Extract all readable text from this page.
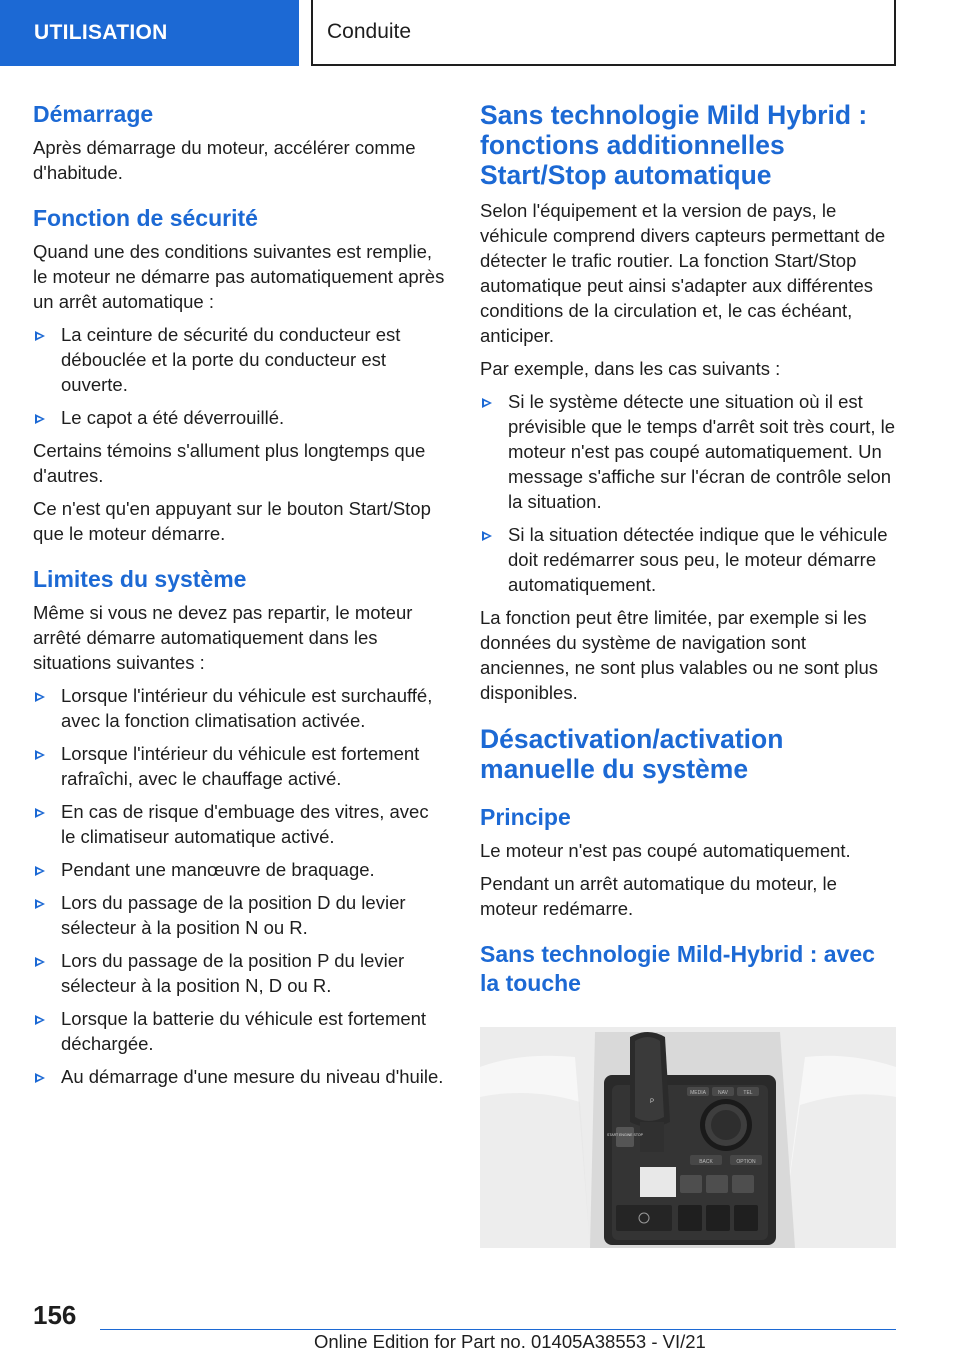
UTILISATION	Conduite
Démarrage

Après démarrage du moteur, accélérer comme d'habitude.

Fonction de sécurité

Quand une des conditions suivantes est remplie, le moteur ne démarre pas automatiquement après un arrêt automatique :

La ceinture de sécurité du conducteur est débouclée et la porte du conducteur est ouverte.
Le capot a été déverrouillé.

Certains témoins s'allument plus longtemps que d'autres.

Ce n'est qu'en appuyant sur le bouton Start/Stop que le moteur démarre.

Limites du système

Même si vous ne devez pas repartir, le moteur arrêté démarre automatiquement dans les situations suivantes :

Lorsque l'intérieur du véhicule est surchauffé, avec la fonction climatisation activée.
Lorsque l'intérieur du véhicule est fortement rafraîchi, avec le chauffage activé.
En cas de risque d'embuage des vitres, avec le climatiseur automatique activé.
Pendant une manœuvre de braquage.
Lors du passage de la position D du levier sélecteur à la position N ou R.
Lors du passage de la position P du levier sélecteur à la position N, D ou R.
Lorsque la batterie du véhicule est fortement déchargée.
Au démarrage d'une mesure du niveau d'huile.
Sans technologie Mild Hybrid : fonctions additionnelles Start/Stop automatique

Selon l'équipement et la version de pays, le véhicule comprend divers capteurs permettant de détecter le trafic routier. La fonction Start/Stop automatique peut ainsi s'adapter aux différentes conditions de la circulation et, le cas échéant, anticiper.

Par exemple, dans les cas suivants :

Si le système détecte une situation où il est prévisible que le temps d'arrêt soit très court, le moteur n'est pas coupé automatiquement. Un message s'affiche sur l'écran de contrôle selon la situation.
Si la situation détectée indique que le véhicule doit redémarrer sous peu, le moteur démarre automatiquement.

La fonction peut être limitée, par exemple si les données du système de navigation sont anciennes, ne sont plus valables ou ne sont plus disponibles.

Désactivation/activation manuelle du système
Principe

Le moteur n'est pas coupé automatiquement.

Pendant un arrêt automatique du moteur, le moteur redémarre.

Sans technologie Mild-Hybrid : avec la touche
MEDIA NAV	TEL
BACK	OPTION
P
START ENGINE STOP
156
Online Edition for Part no. 01405A38553 - VI/21
